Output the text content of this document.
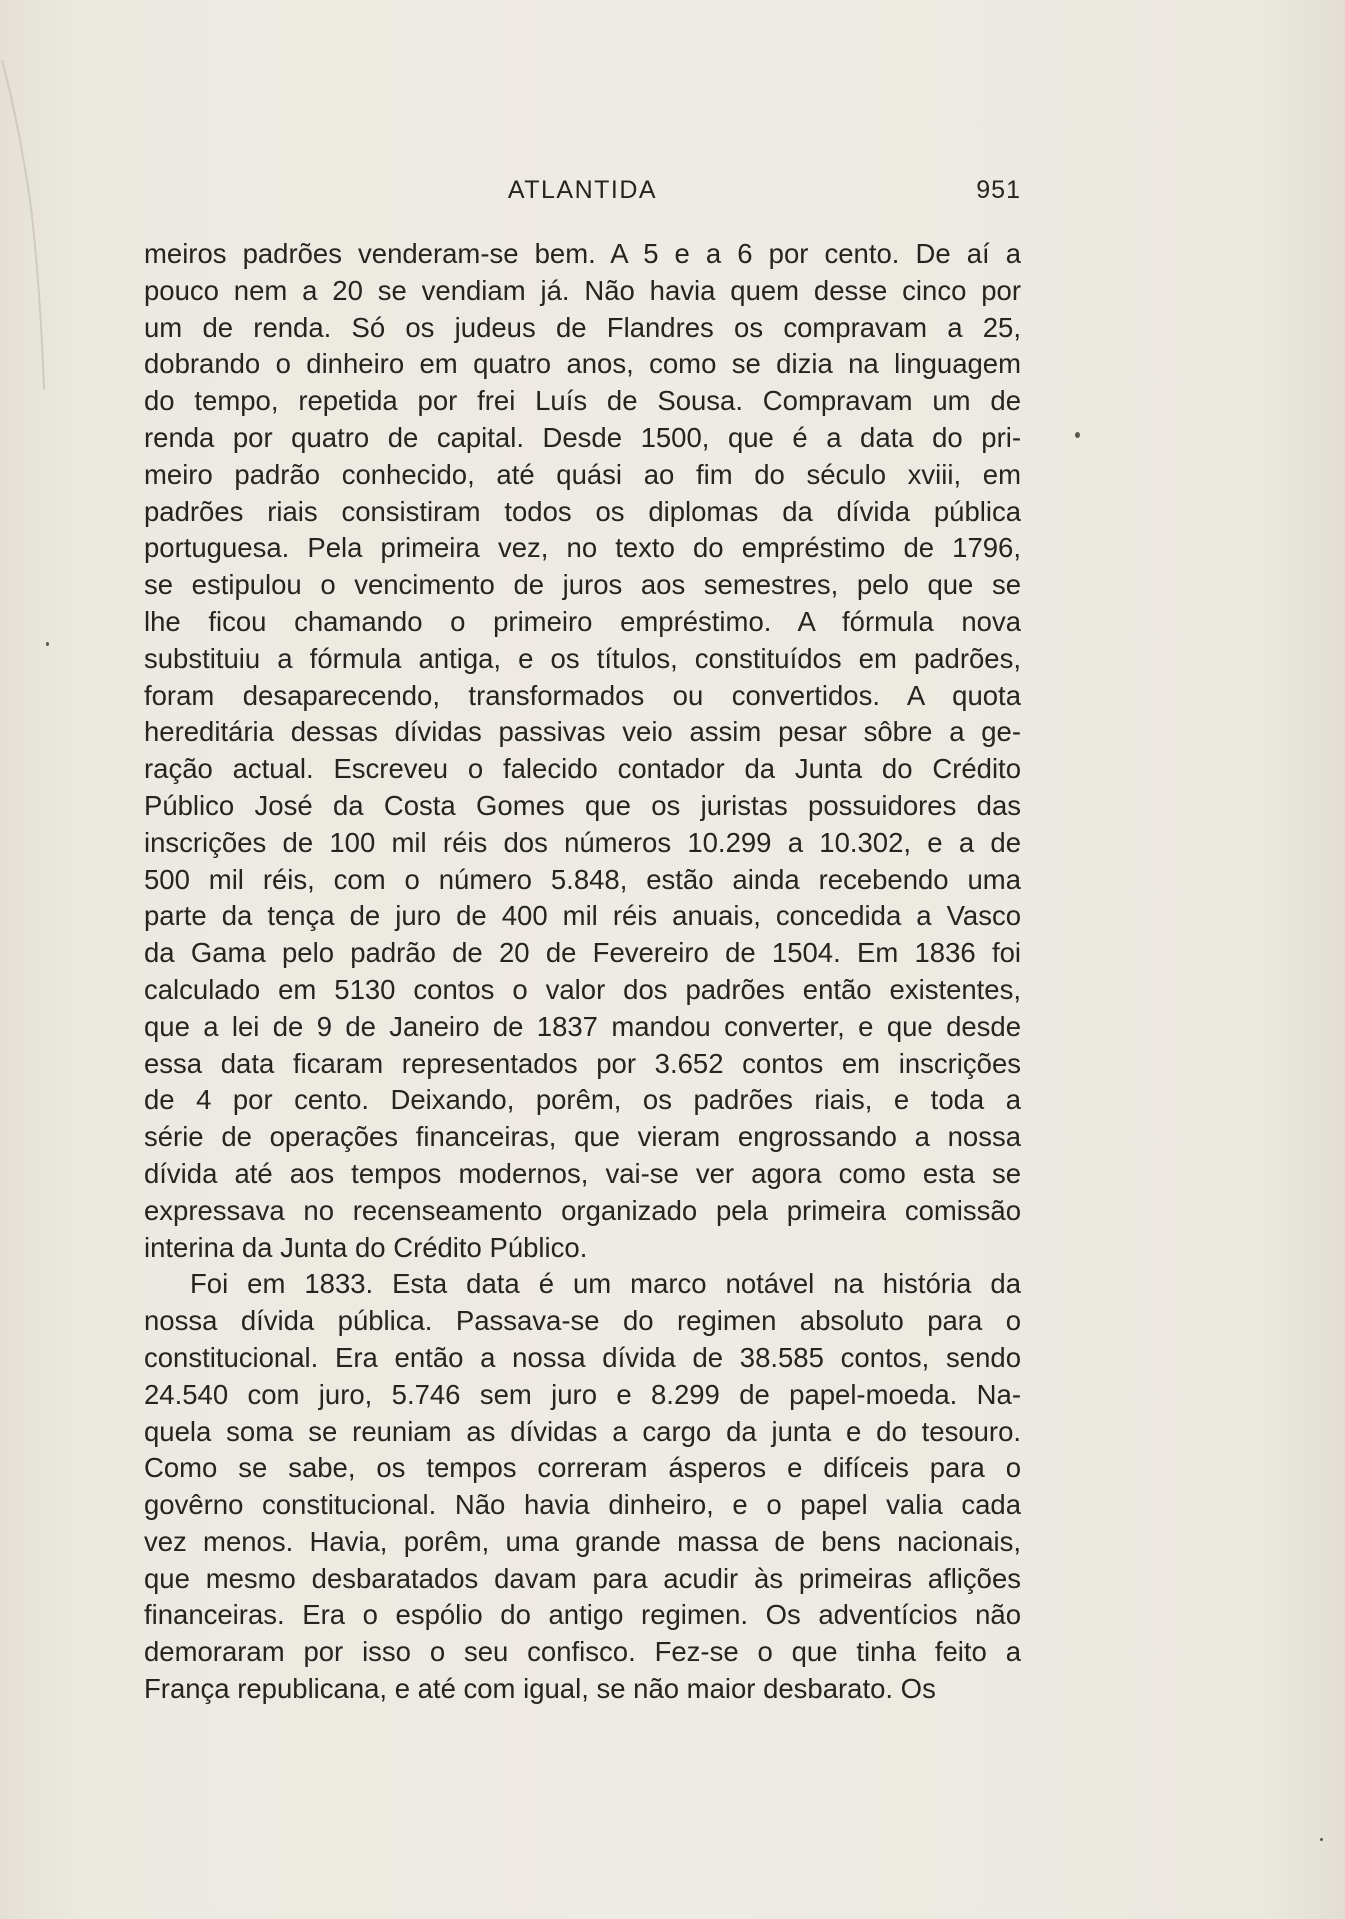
ATLANTIDA	951
meiros padrões venderam-se bem. A 5 e a 6 por cento. De aí a
pouco nem a 20 se vendiam já. Não havia quem desse cinco por
um de renda. Só os judeus de Flandres os compravam a 25,
dobrando o dinheiro em quatro anos, como se dizia na linguagem
do tempo, repetida por frei Luís de Sousa. Compravam um de
renda por quatro de capital. Desde 1500, que é a data do pri-
meiro padrão conhecido, até quási ao fim do século xviii, em
padrões riais consistiram todos os diplomas da dívida pública
portuguesa. Pela primeira vez, no texto do empréstimo de 1796,
se estipulou o vencimento de juros aos semestres, pelo que se
lhe ficou chamando o primeiro empréstimo. A fórmula nova
substituiu a fórmula antiga, e os títulos, constituídos em padrões,
foram desaparecendo, transformados ou convertidos. A quota
hereditária dessas dívidas passivas veio assim pesar sôbre a ge-
ração actual. Escreveu o falecido contador da Junta do Crédito
Público José da Costa Gomes que os juristas possuidores das
inscrições de 100 mil réis dos números 10.299 a 10.302, e a de
500 mil réis, com o número 5.848, estão ainda recebendo uma
parte da tença de juro de 400 mil réis anuais, concedida a Vasco
da Gama pelo padrão de 20 de Fevereiro de 1504. Em 1836 foi
calculado em 5130 contos o valor dos padrões então existentes,
que a lei de 9 de Janeiro de 1837 mandou converter, e que desde
essa data ficaram representados por 3.652 contos em inscrições
de 4 por cento. Deixando, porêm, os padrões riais, e toda a
série de operações financeiras, que vieram engrossando a nossa
dívida até aos tempos modernos, vai-se ver agora como esta se
expressava no recenseamento organizado pela primeira comissão
interina da Junta do Crédito Público.
Foi em 1833. Esta data é um marco notável na história da
nossa dívida pública. Passava-se do regimen absoluto para o
constitucional. Era então a nossa dívida de 38.585 contos, sendo
24.540 com juro, 5.746 sem juro e 8.299 de papel-moeda. Na-
quela soma se reuniam as dívidas a cargo da junta e do tesouro.
Como se sabe, os tempos correram ásperos e difíceis para o
govêrno constitucional. Não havia dinheiro, e o papel valia cada
vez menos. Havia, porêm, uma grande massa de bens nacionais,
que mesmo desbaratados davam para acudir às primeiras aflições
financeiras. Era o espólio do antigo regimen. Os adventícios não
demoraram por isso o seu confisco. Fez-se o que tinha feito a
França republicana, e até com igual, se não maior desbarato. Os
